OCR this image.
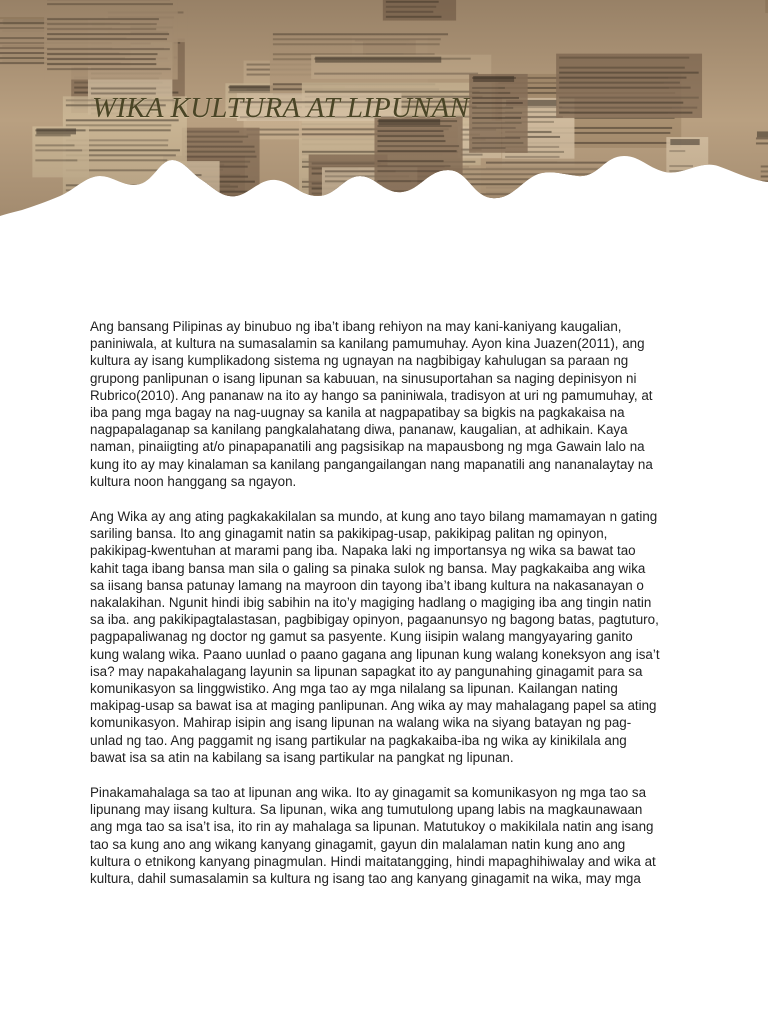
WIKA KULTURA AT LIPUNAN

Ang bansang Pilipinas ay binubuo ng iba’t ibang rehiyon na may kani-kaniyang kaugalian,
paniniwala, at kultura na sumasalamin sa kanilang pamumuhay. Ayon kina Juazen(2011), ang
kultura ay isang kumplikadong sistema ng ugnayan na nagbibigay kahulugan sa paraan ng
grupong panlipunan o isang lipunan sa kabuuan, na sinusuportahan sa naging depinisyon ni
Rubrico(2010). Ang pananaw na ito ay hango sa paniniwala, tradisyon at uri ng pamumuhay, at
iba pang mga bagay na nag-uugnay sa kanila at nagpapatibay sa bigkis na pagkakaisa na
nagpapalaganap sa kanilang pangkalahatang diwa, pananaw, kaugalian, at adhikain. Kaya
naman, pinaiigting at/o pinapapanatili ang pagsisikap na mapausbong ng mga Gawain lalo na
kung ito ay may kinalaman sa kanilang pangangailangan nang mapanatili ang nananalaytay na
kultura noon hanggang sa ngayon.

Ang Wika ay ang ating pagkakakilalan sa mundo, at kung ano tayo bilang mamamayan n gating
sariling bansa. Ito ang ginagamit natin sa pakikipag-usap, pakikipag palitan ng opinyon,
pakikipag-kwentuhan at marami pang iba. Napaka laki ng importansya ng wika sa bawat tao
kahit taga ibang bansa man sila o galing sa pinaka sulok ng bansa. May pagkakaiba ang wika
sa iisang bansa patunay lamang na mayroon din tayong iba’t ibang kultura na nakasanayan o
nakalakihan. Ngunit hindi ibig sabihin na ito’y magiging hadlang o magiging iba ang tingin natin
sa iba. ang pakikipagtalastasan, pagbibigay opinyon, pagaanunsyo ng bagong batas, pagtuturo,
pagpapaliwanag ng doctor ng gamut sa pasyente. Kung iisipin walang mangyayaring ganito
kung walang wika. Paano uunlad o paano gagana ang lipunan kung walang koneksyon ang isa’t
isa? may napakahalagang layunin sa lipunan sapagkat ito ay pangunahing ginagamit para sa
komunikasyon sa linggwistiko. Ang mga tao ay mga nilalang sa lipunan. Kailangan nating
makipag-usap sa bawat isa at maging panlipunan. Ang wika ay may mahalagang papel sa ating
komunikasyon. Mahirap isipin ang isang lipunan na walang wika na siyang batayan ng pag-
unlad ng tao. Ang paggamit ng isang partikular na pagkakaiba-iba ng wika ay kinikilala ang
bawat isa sa atin na kabilang sa isang partikular na pangkat ng lipunan.

Pinakamahalaga sa tao at lipunan ang wika. Ito ay ginagamit sa komunikasyon ng mga tao sa
lipunang may iisang kultura. Sa lipunan, wika ang tumutulong upang labis na magkaunawaan
ang mga tao sa isa’t isa, ito rin ay mahalaga sa lipunan. Matutukoy o makikilala natin ang isang
tao sa kung ano ang wikang kanyang ginagamit, gayun din malalaman natin kung ano ang
kultura o etnikong kanyang pinagmulan. Hindi maitatangging, hindi mapaghihiwalay and wika at
kultura, dahil sumasalamin sa kultura ng isang tao ang kanyang ginagamit na wika, may mga
